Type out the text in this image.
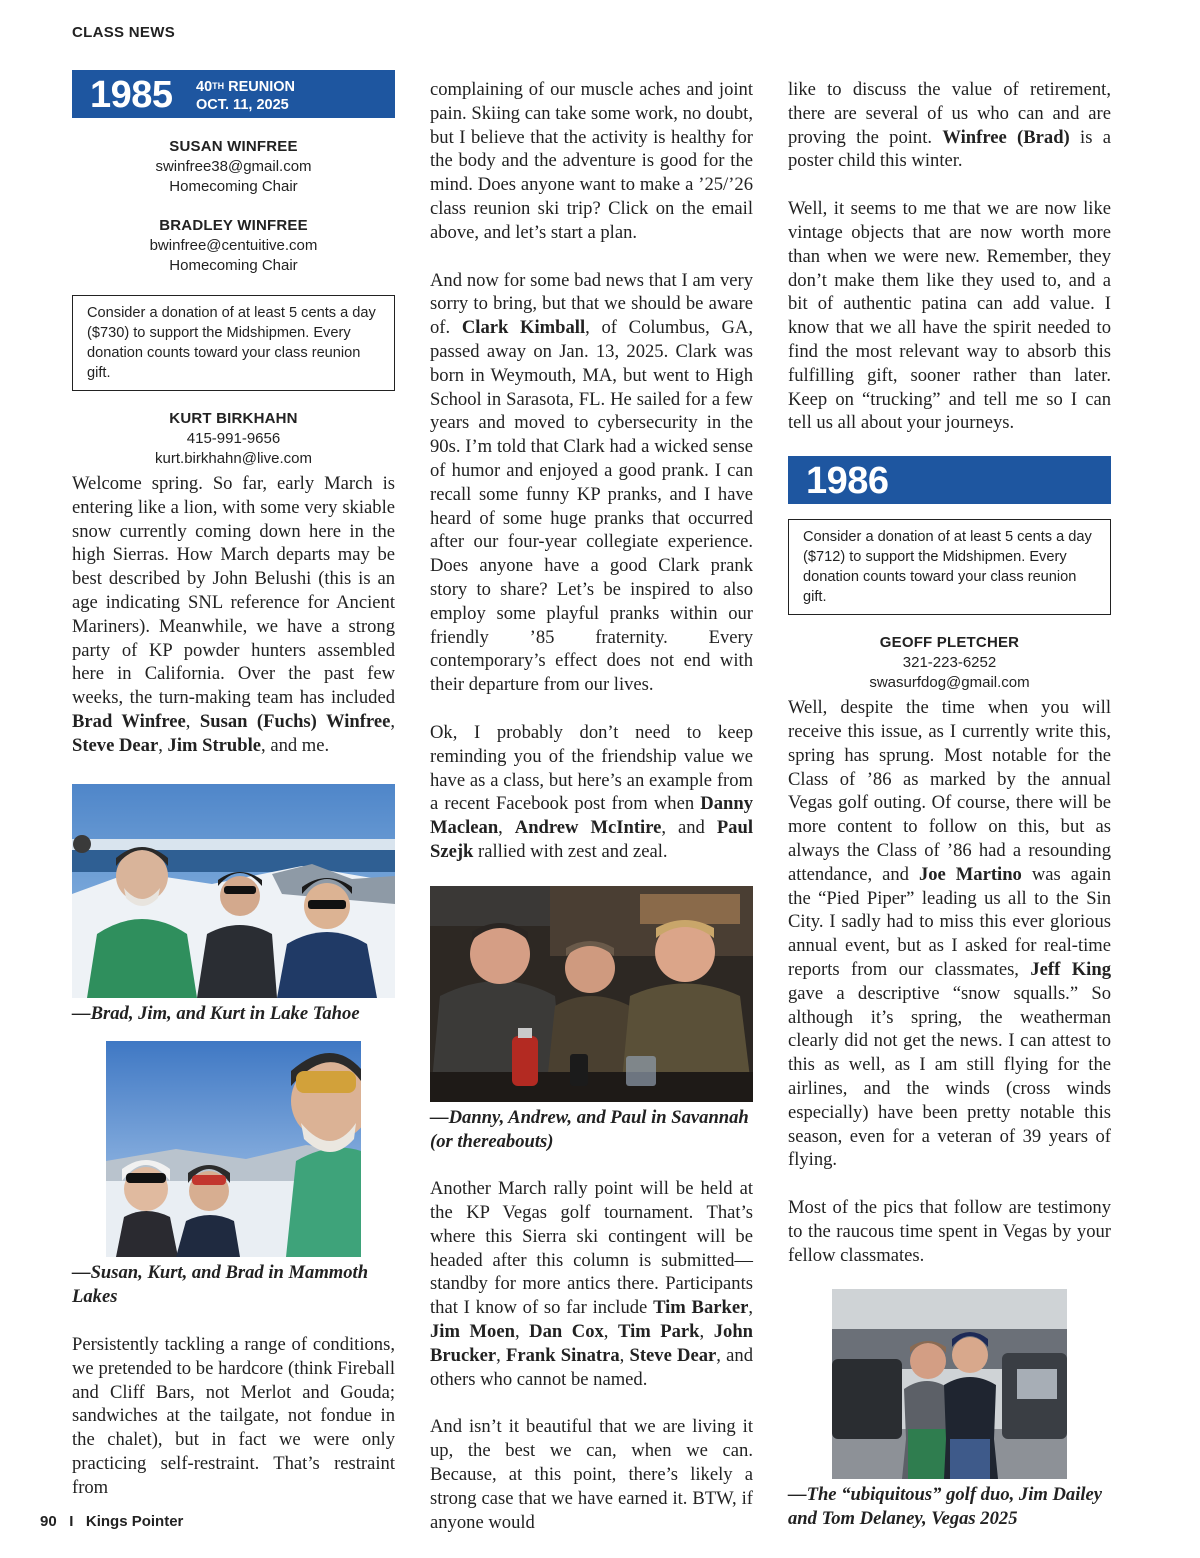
CLASS NEWS
1985 40TH REUNION
OCT. 11, 2025
SUSAN WINFREE
swinfree38@gmail.com
Homecoming Chair
BRADLEY WINFREE
bwinfree@centuitive.com
Homecoming Chair
Consider a donation of at least 5 cents a day ($730) to support the Midshipmen. Every donation counts toward your class reunion gift.
KURT BIRKHAHN
415-991-9656
kurt.birkhahn@live.com

Welcome spring. So far, early March is entering like a lion, with some very skiable snow currently coming down here in the high Sierras. How March departs may be best described by John Belushi (this is an age indicating SNL reference for Ancient Mariners). Meanwhile, we have a strong party of KP powder hunters assembled here in California. Over the past few weeks, the turn-making team has included Brad Winfree, Susan (Fuchs) Winfree, Steve Dear, Jim Struble, and me.

—Brad, Jim, and Kurt in Lake Tahoe
—Susan, Kurt, and Brad in Mammoth Lakes

Persistently tackling a range of conditions, we pretended to be hardcore (think Fireball and Cliff Bars, not Merlot and Gouda; sandwiches at the tailgate, not fondue in the chalet), but in fact we were only practicing self-restraint. That’s restraint from

complaining of our muscle aches and joint pain. Skiing can take some work, no doubt, but I believe that the activity is healthy for the body and the adventure is good for the mind. Does anyone want to make a ’25/’26 class reunion ski trip? Click on the email above, and let’s start a plan.

And now for some bad news that I am very sorry to bring, but that we should be aware of. Clark Kimball, of Columbus, GA, passed away on Jan. 13, 2025. Clark was born in Weymouth, MA, but went to High School in Sarasota, FL. He sailed for a few years and moved to cybersecurity in the 90s. I’m told that Clark had a wicked sense of humor and enjoyed a good prank. I can recall some funny KP pranks, and I have heard of some huge pranks that occurred after our four-year collegiate experience. Does anyone have a good Clark prank story to share? Let’s be inspired to also employ some playful pranks within our friendly ’85 fraternity. Every contemporary’s effect does not end with their departure from our lives.

Ok, I probably don’t need to keep reminding you of the friendship value we have as a class, but here’s an example from a recent Facebook post from when Danny Maclean, Andrew McIntire, and Paul Szejk rallied with zest and zeal.

—Danny, Andrew, and Paul in Savannah
(or thereabouts)

Another March rally point will be held at the KP Vegas golf tournament. That’s where this Sierra ski contingent will be headed after this column is submitted—standby for more antics there. Participants that I know of so far include Tim Barker, Jim Moen, Dan Cox, Tim Park, John Brucker, Frank Sinatra, Steve Dear, and others who cannot be named.

And isn’t it beautiful that we are living it up, the best we can, when we can. Because, at this point, there’s likely a strong case that we have earned it. BTW, if anyone would

like to discuss the value of retirement, there are several of us who can and are proving the point. Winfree (Brad) is a poster child this winter.

Well, it seems to me that we are now like vintage objects that are now worth more than when we were new. Remember, they don’t make them like they used to, and a bit of authentic patina can add value. I know that we all have the spirit needed to find the most relevant way to absorb this fulfilling gift, sooner rather than later. Keep on “trucking” and tell me so I can tell us all about your journeys.

1986
Consider a donation of at least 5 cents a day ($712) to support the Midshipmen. Every donation counts toward your class reunion gift.
GEOFF PLETCHER
321-223-6252
swasurfdog@gmail.com

Well, despite the time when you will receive this issue, as I currently write this, spring has sprung. Most notable for the Class of ’86 as marked by the annual Vegas golf outing. Of course, there will be more content to follow on this, but as always the Class of ’86 had a resounding attendance, and Joe Martino was again the “Pied Piper” leading us all to the Sin City. I sadly had to miss this ever glorious annual event, but as I asked for real-time reports from our classmates, Jeff King gave a descriptive “snow squalls.” So although it’s spring, the weatherman clearly did not get the news. I can attest to this as well, as I am still flying for the airlines, and the winds (cross winds especially) have been pretty notable this season, even for a veteran of 39 years of flying.

Most of the pics that follow are testimony to the raucous time spent in Vegas by your fellow classmates.

—The “ubiquitous” golf duo, Jim Dailey
and Tom Delaney, Vegas 2025
90 I Kings Pointer
